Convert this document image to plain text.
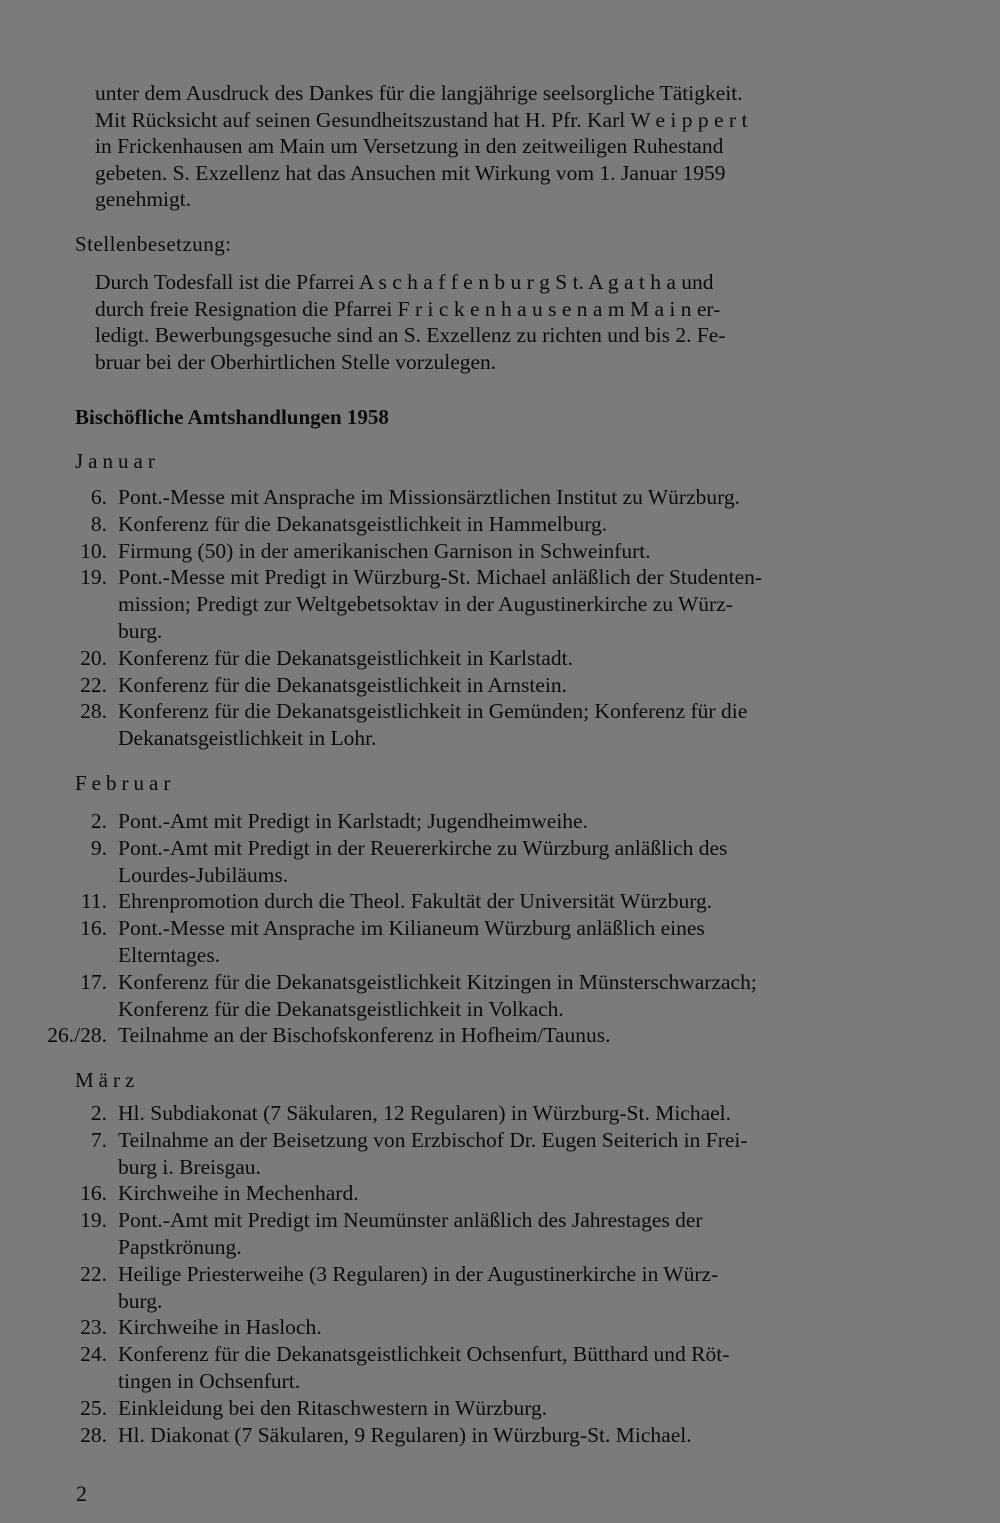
unter dem Ausdruck des Dankes für die langjährige seelsorgliche Tätigkeit.
Mit Rücksicht auf seinen Gesundheitszustand hat H. Pfr. Karl W e i p p e r t
in Frickenhausen am Main um Versetzung in den zeitweiligen Ruhestand
gebeten. S. Exzellenz hat das Ansuchen mit Wirkung vom 1. Januar 1959
genehmigt.
Stellenbesetzung:
Durch Todesfall ist die Pfarrei A s c h a f f e n b u r g S t. A g a t h a und
durch freie Resignation die Pfarrei F r i c k e n h a u s e n a m M a i n er-
ledigt. Bewerbungsgesuche sind an S. Exzellenz zu richten und bis 2. Fe-
bruar bei der Oberhirtlichen Stelle vorzulegen.
Bischöfliche Amtshandlungen 1958
Januar
6. Pont.-Messe mit Ansprache im Missionsärztlichen Institut zu Würzburg.
8. Konferenz für die Dekanatsgeistlichkeit in Hammelburg.
10. Firmung (50) in der amerikanischen Garnison in Schweinfurt.
19. Pont.-Messe mit Predigt in Würzburg-St. Michael anläßlich der Studenten-
mission; Predigt zur Weltgebetsoktav in der Augustinerkirche zu Würz-
burg.
20. Konferenz für die Dekanatsgeistlichkeit in Karlstadt.
22. Konferenz für die Dekanatsgeistlichkeit in Arnstein.
28. Konferenz für die Dekanatsgeistlichkeit in Gemünden; Konferenz für die
Dekanatsgeistlichkeit in Lohr.
Februar
2. Pont.-Amt mit Predigt in Karlstadt; Jugendheimweihe.
9. Pont.-Amt mit Predigt in der Reuererkirche zu Würzburg anläßlich des
Lourdes-Jubiläums.
11. Ehrenpromotion durch die Theol. Fakultät der Universität Würzburg.
16. Pont.-Messe mit Ansprache im Kilianeum Würzburg anläßlich eines
Elterntages.
17. Konferenz für die Dekanatsgeistlichkeit Kitzingen in Münsterschwarzach;
Konferenz für die Dekanatsgeistlichkeit in Volkach.
26./28. Teilnahme an der Bischofskonferenz in Hofheim/Taunus.
März
2. Hl. Subdiakonat (7 Säkularen, 12 Regularen) in Würzburg-St. Michael.
7. Teilnahme an der Beisetzung von Erzbischof Dr. Eugen Seiterich in Frei-
burg i. Breisgau.
16. Kirchweihe in Mechenhard.
19. Pont.-Amt mit Predigt im Neumünster anläßlich des Jahrestages der
Papstkrönung.
22. Heilige Priesterweihe (3 Regularen) in der Augustinerkirche in Würz-
burg.
23. Kirchweihe in Hasloch.
24. Konferenz für die Dekanatsgeistlichkeit Ochsenfurt, Bütthard und Röt-
tingen in Ochsenfurt.
25. Einkleidung bei den Ritaschwestern in Würzburg.
28. Hl. Diakonat (7 Säkularen, 9 Regularen) in Würzburg-St. Michael.
2
